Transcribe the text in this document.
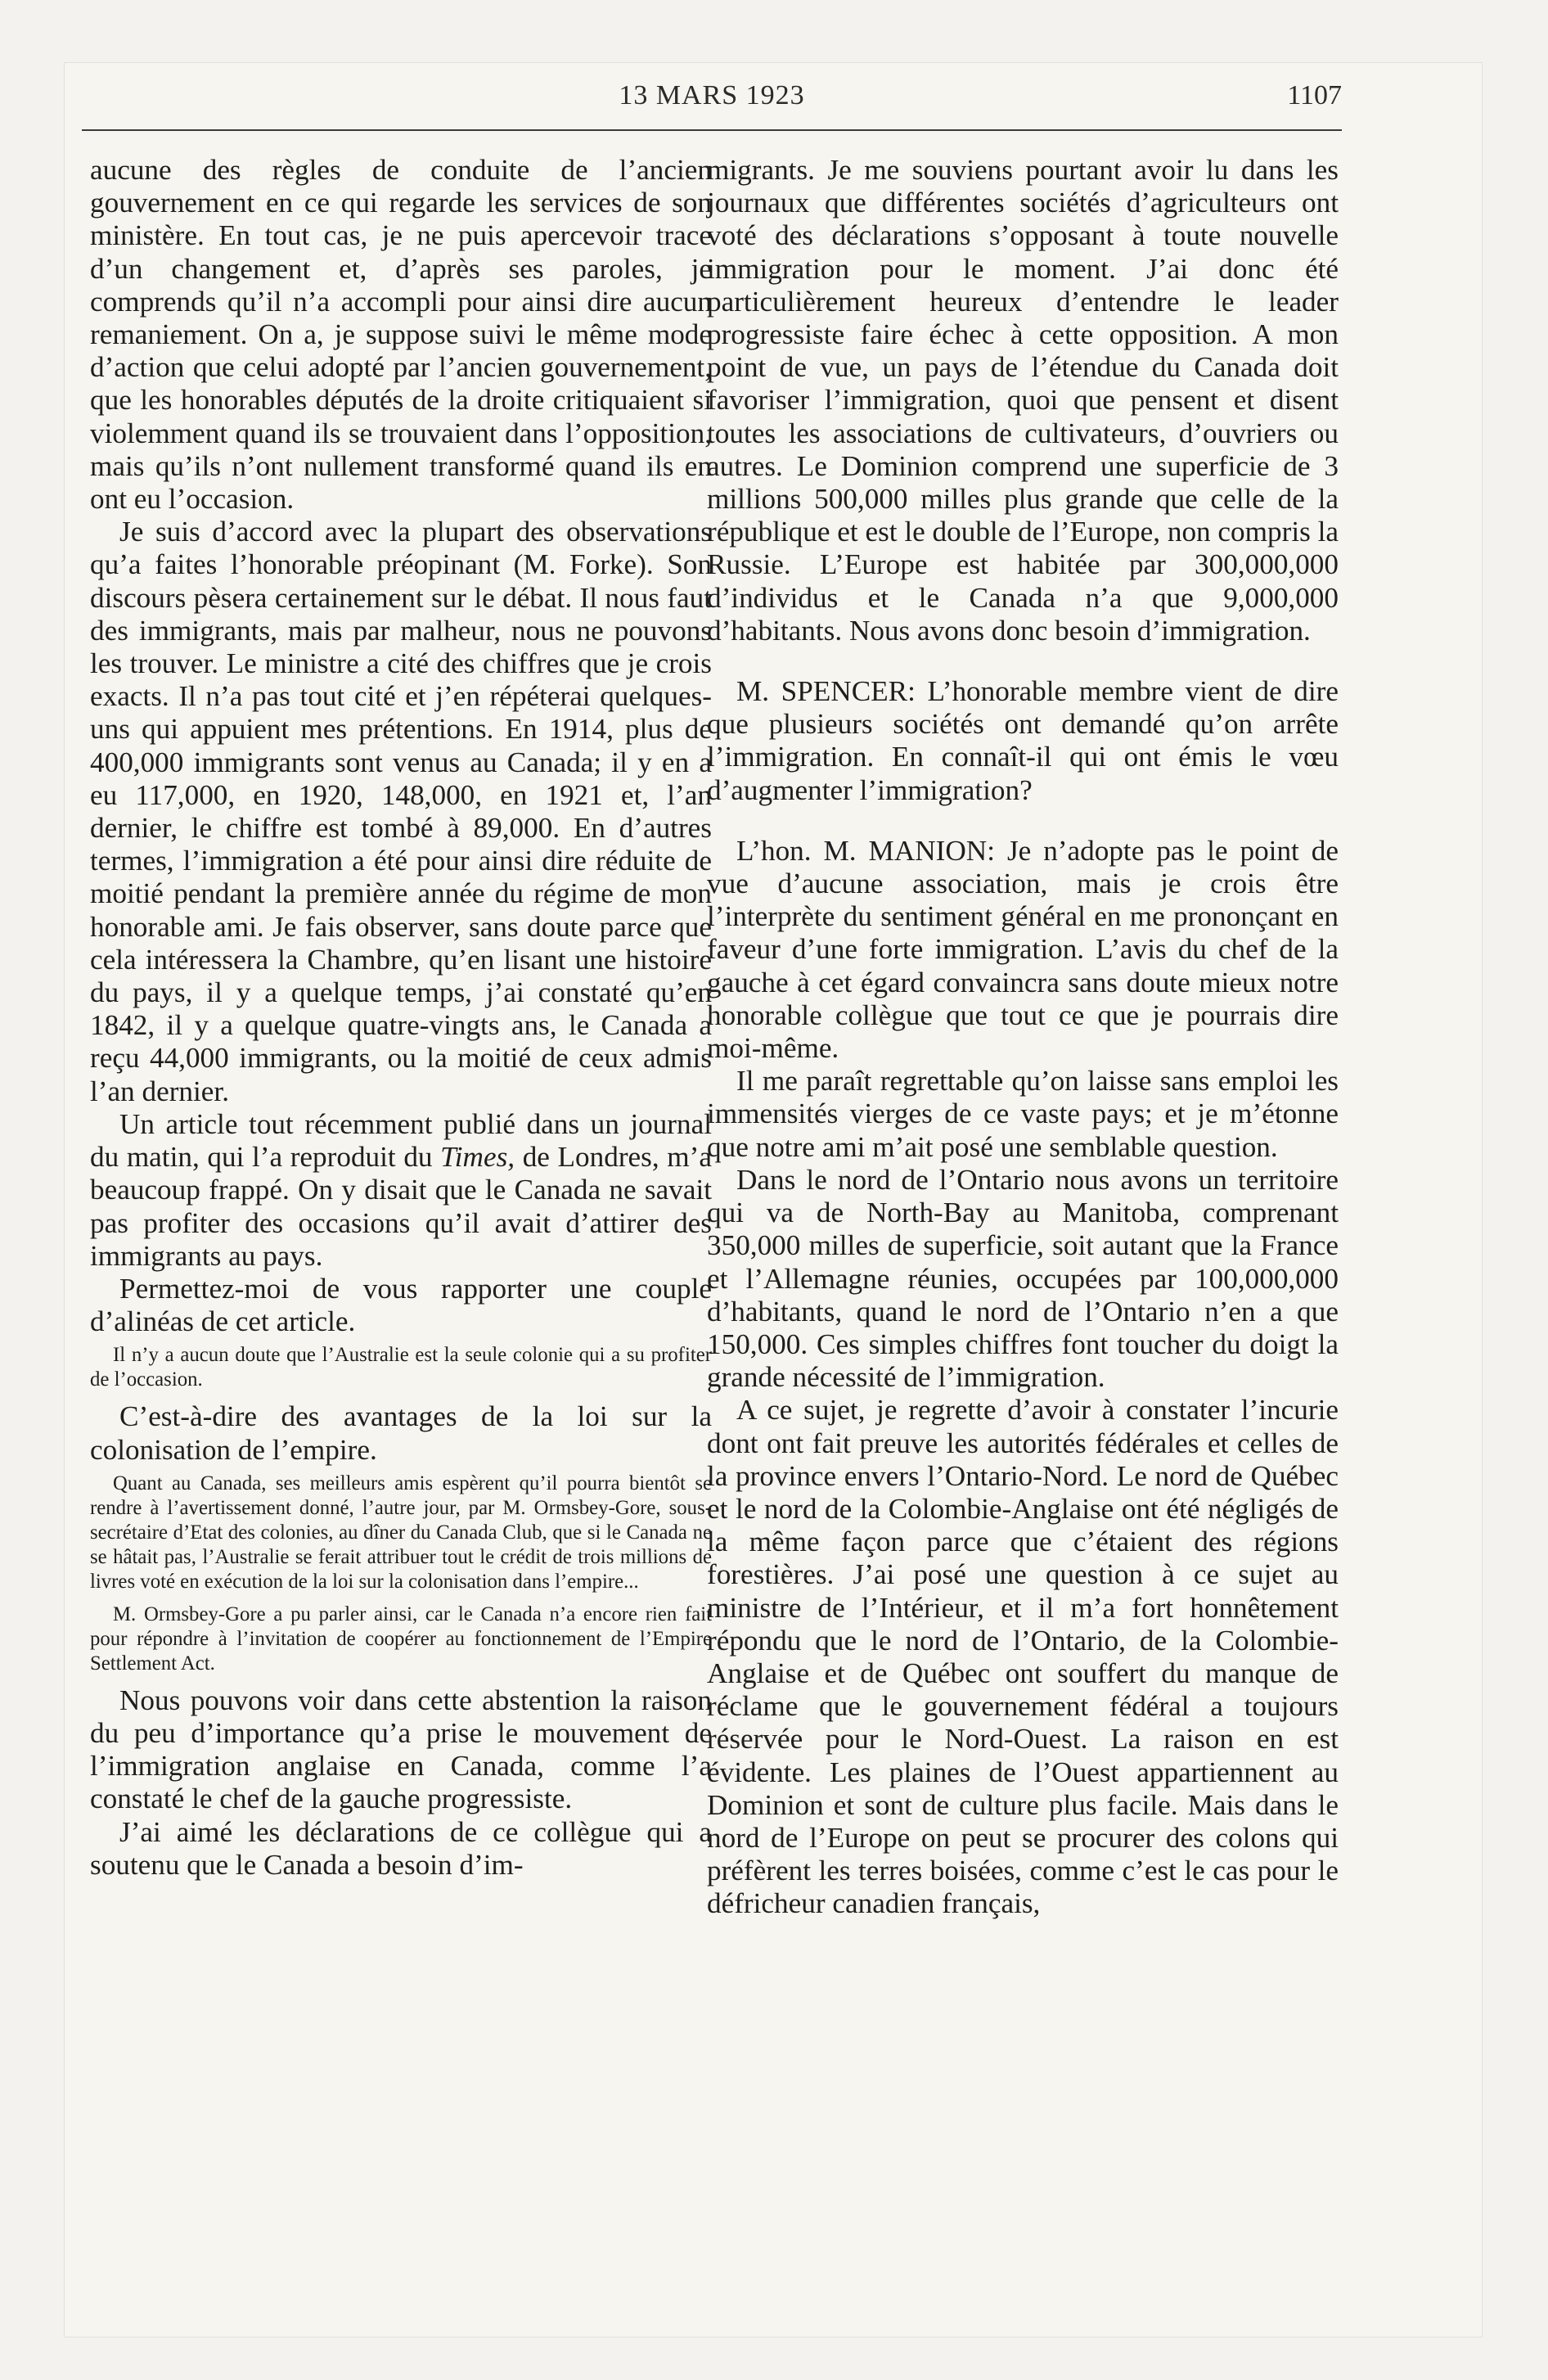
13 MARS 1923	1107

aucune des règles de conduite de l’ancien gouvernement en ce qui regarde les services de son ministère. En tout cas, je ne puis apercevoir trace d’un changement et, d’après ses paroles, je comprends qu’il n’a accompli pour ainsi dire aucun remaniement. On a, je suppose suivi le même mode d’action que celui adopté par l’ancien gouvernement, que les honorables députés de la droite critiquaient si violemment quand ils se trouvaient dans l’opposition, mais qu’ils n’ont nullement transformé quand ils en ont eu l’occasion.

Je suis d’accord avec la plupart des observations qu’a faites l’honorable préopinant (M. Forke). Son discours pèsera certainement sur le débat. Il nous faut des immigrants, mais par malheur, nous ne pouvons les trouver. Le ministre a cité des chiffres que je crois exacts. Il n’a pas tout cité et j’en répéterai quelques-uns qui appuient mes prétentions. En 1914, plus de 400,000 immigrants sont venus au Canada; il y en a eu 117,000, en 1920, 148,000, en 1921 et, l’an dernier, le chiffre est tombé à 89,000. En d’autres termes, l’immigration a été pour ainsi dire réduite de moitié pendant la première année du régime de mon honorable ami. Je fais observer, sans doute parce que cela intéressera la Chambre, qu’en lisant une histoire du pays, il y a quelque temps, j’ai constaté qu’en 1842, il y a quelque quatre-vingts ans, le Canada a reçu 44,000 immigrants, ou la moitié de ceux admis l’an dernier.

Un article tout récemment publié dans un journal du matin, qui l’a reproduit du Times, de Londres, m’a beaucoup frappé. On y disait que le Canada ne savait pas profiter des occasions qu’il avait d’attirer des immigrants au pays.

Permettez-moi de vous rapporter une couple d’alinéas de cet article.

Il n’y a aucun doute que l’Australie est la seule colonie qui a su profiter de l’occasion.

C’est-à-dire des avantages de la loi sur la colonisation de l’empire.

Quant au Canada, ses meilleurs amis espèrent qu’il pourra bientôt se rendre à l’avertissement donné, l’autre jour, par M. Ormsbey-Gore, sous-secrétaire d’Etat des colonies, au dîner du Canada Club, que si le Canada ne se hâtait pas, l’Australie se ferait attribuer tout le crédit de trois millions de livres voté en exécution de la loi sur la colonisation dans l’empire...

M. Ormsbey-Gore a pu parler ainsi, car le Canada n’a encore rien fait pour répondre à l’invitation de coopérer au fonctionnement de l’Empire Settlement Act.

Nous pouvons voir dans cette abstention la raison du peu d’importance qu’a prise le mouvement de l’immigration anglaise en Canada, comme l’a constaté le chef de la gauche progressiste.

J’ai aimé les déclarations de ce collègue qui a soutenu que le Canada a besoin d’im-

migrants. Je me souviens pourtant avoir lu dans les journaux que différentes sociétés d’agriculteurs ont voté des déclarations s’opposant à toute nouvelle immigration pour le moment. J’ai donc été particulièrement heureux d’entendre le leader progressiste faire échec à cette opposition. A mon point de vue, un pays de l’étendue du Canada doit favoriser l’immigration, quoi que pensent et disent toutes les associations de cultivateurs, d’ouvriers ou autres. Le Dominion comprend une superficie de 3 millions 500,000 milles plus grande que celle de la république et est le double de l’Europe, non compris la Russie. L’Europe est habitée par 300,000,000 d’individus et le Canada n’a que 9,000,000 d’habitants. Nous avons donc besoin d’immigration.

M. SPENCER: L’honorable membre vient de dire que plusieurs sociétés ont demandé qu’on arrête l’immigration. En connaît-il qui ont émis le vœu d’augmenter l’immigration?

L’hon. M. MANION: Je n’adopte pas le point de vue d’aucune association, mais je crois être l’interprète du sentiment général en me prononçant en faveur d’une forte immigration. L’avis du chef de la gauche à cet égard convaincra sans doute mieux notre honorable collègue que tout ce que je pourrais dire moi-même.

Il me paraît regrettable qu’on laisse sans emploi les immensités vierges de ce vaste pays; et je m’étonne que notre ami m’ait posé une semblable question.

Dans le nord de l’Ontario nous avons un territoire qui va de North-Bay au Manitoba, comprenant 350,000 milles de superficie, soit autant que la France et l’Allemagne réunies, occupées par 100,000,000 d’habitants, quand le nord de l’Ontario n’en a que 150,000. Ces simples chiffres font toucher du doigt la grande nécessité de l’immigration.

A ce sujet, je regrette d’avoir à constater l’incurie dont ont fait preuve les autorités fédérales et celles de la province envers l’Ontario-Nord. Le nord de Québec et le nord de la Colombie-Anglaise ont été négligés de la même façon parce que c’étaient des régions forestières. J’ai posé une question à ce sujet au ministre de l’Intérieur, et il m’a fort honnêtement répondu que le nord de l’Ontario, de la Colombie-Anglaise et de Québec ont souffert du manque de réclame que le gouvernement fédéral a toujours réservée pour le Nord-Ouest. La raison en est évidente. Les plaines de l’Ouest appartiennent au Dominion et sont de culture plus facile. Mais dans le nord de l’Europe on peut se procurer des colons qui préfèrent les terres boisées, comme c’est le cas pour le défricheur canadien français,
